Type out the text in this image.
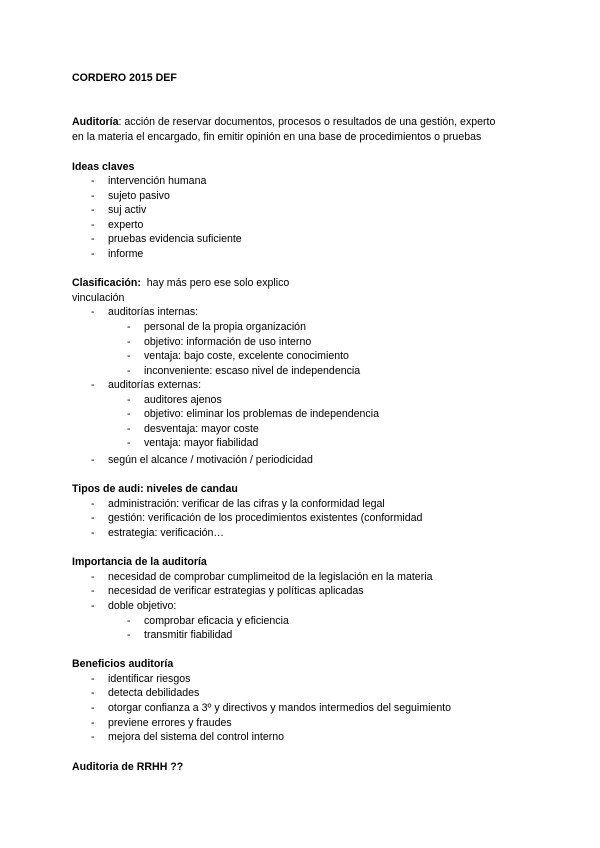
CORDERO 2015 DEF
Auditoría: acción de reservar documentos, procesos o resultados de una gestión, experto
en la materia el encargado, fin emitir opinión en una base de procedimientos o pruebas
Ideas claves
- intervención humana
- sujeto pasivo
- suj activ
- experto
- pruebas evidencia suficiente
- informe
Clasificación: hay más pero ese solo explico
vinculación
- auditorías internas:
- personal de la propia organización
- objetivo: información de uso interno
- ventaja: bajo coste, excelente conocimiento
- inconveniente: escaso nivel de independencia
- auditorías externas:
- auditores ajenos
- objetivo: eliminar los problemas de independencia
- desventaja: mayor coste
- ventaja: mayor fiabilidad
- según el alcance / motivación / periodicidad
Tipos de audi: niveles de candau
- administración: verificar de las cifras y la conformidad legal
- gestión: verificación de los procedimientos existentes (conformidad
- estrategia: verificación…
Importancia de la auditoría
- necesidad de comprobar cumplimeitod de la legislación en la materia
- necesidad de verificar estrategias y políticas aplicadas
- doble objetivo:
- comprobar eficacia y eficiencia
- transmitir fiabilidad
Beneficios auditoría
- identificar riesgos
- detecta debilidades
- otorgar confianza a 3º y directivos y mandos intermedios del seguimiento
- previene errores y fraudes
- mejora del sistema del control interno
Auditoria de RRHH ??
